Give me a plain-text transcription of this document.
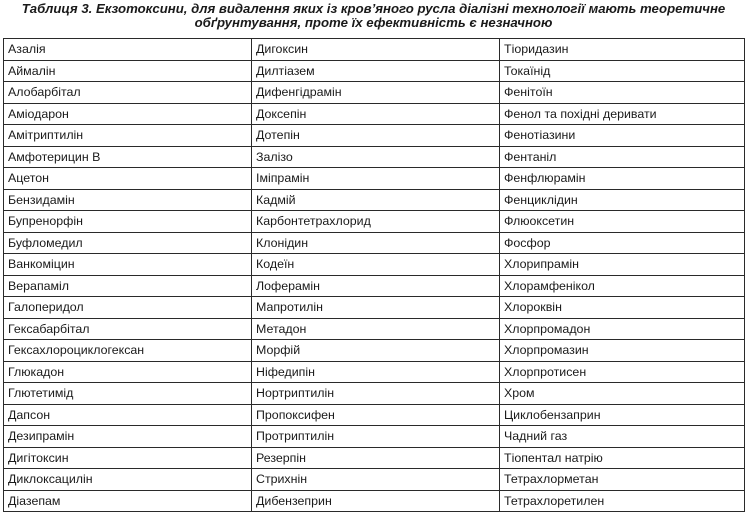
Таблиця 3. Екзотоксини, для видалення яких із кров’яного русла діалізні технології мають теоретичне
обґрунтування, проте їх ефективність є незначною
Азалія	Дигоксин	Тіоридазин
Аймалін	Дилтіазем	Токаїнід
Алобарбітал	Дифенгідрамін	Фенітоїн
Аміодарон	Доксепін	Фенол та похідні деривати
Амітриптилін	Дотепін	Фенотіазини
Амфотерицин В	Залізо	Фентаніл
Ацетон	Іміпрамін	Фенфлюрамін
Бензидамін	Кадмій	Фенциклідин
Бупренорфін	Карбонтетрахлорид	Флюоксетин
Буфломедил	Клонідин	Фосфор
Ванкоміцин	Кодеїн	Хлорипрамін
Верапаміл	Лоферамін	Хлорамфенікол
Галоперидол	Мапротилін	Хлороквін
Гексабарбітал	Метадон	Хлорпромадон
Гексахлороциклогексан	Морфій	Хлорпромазин
Глюкадон	Ніфедипін	Хлорпротисен
Глютетимід	Нортриптилін	Хром
Дапсон	Пропоксифен	Циклобензаприн
Дезипрамін	Протриптилін	Чадний газ
Дигітоксин	Резерпін	Тіопентал натрію
Диклоксацилін	Стрихнін	Тетрахлорметан
Діазепам	Дибензеприн	Тетрахлоретилен
